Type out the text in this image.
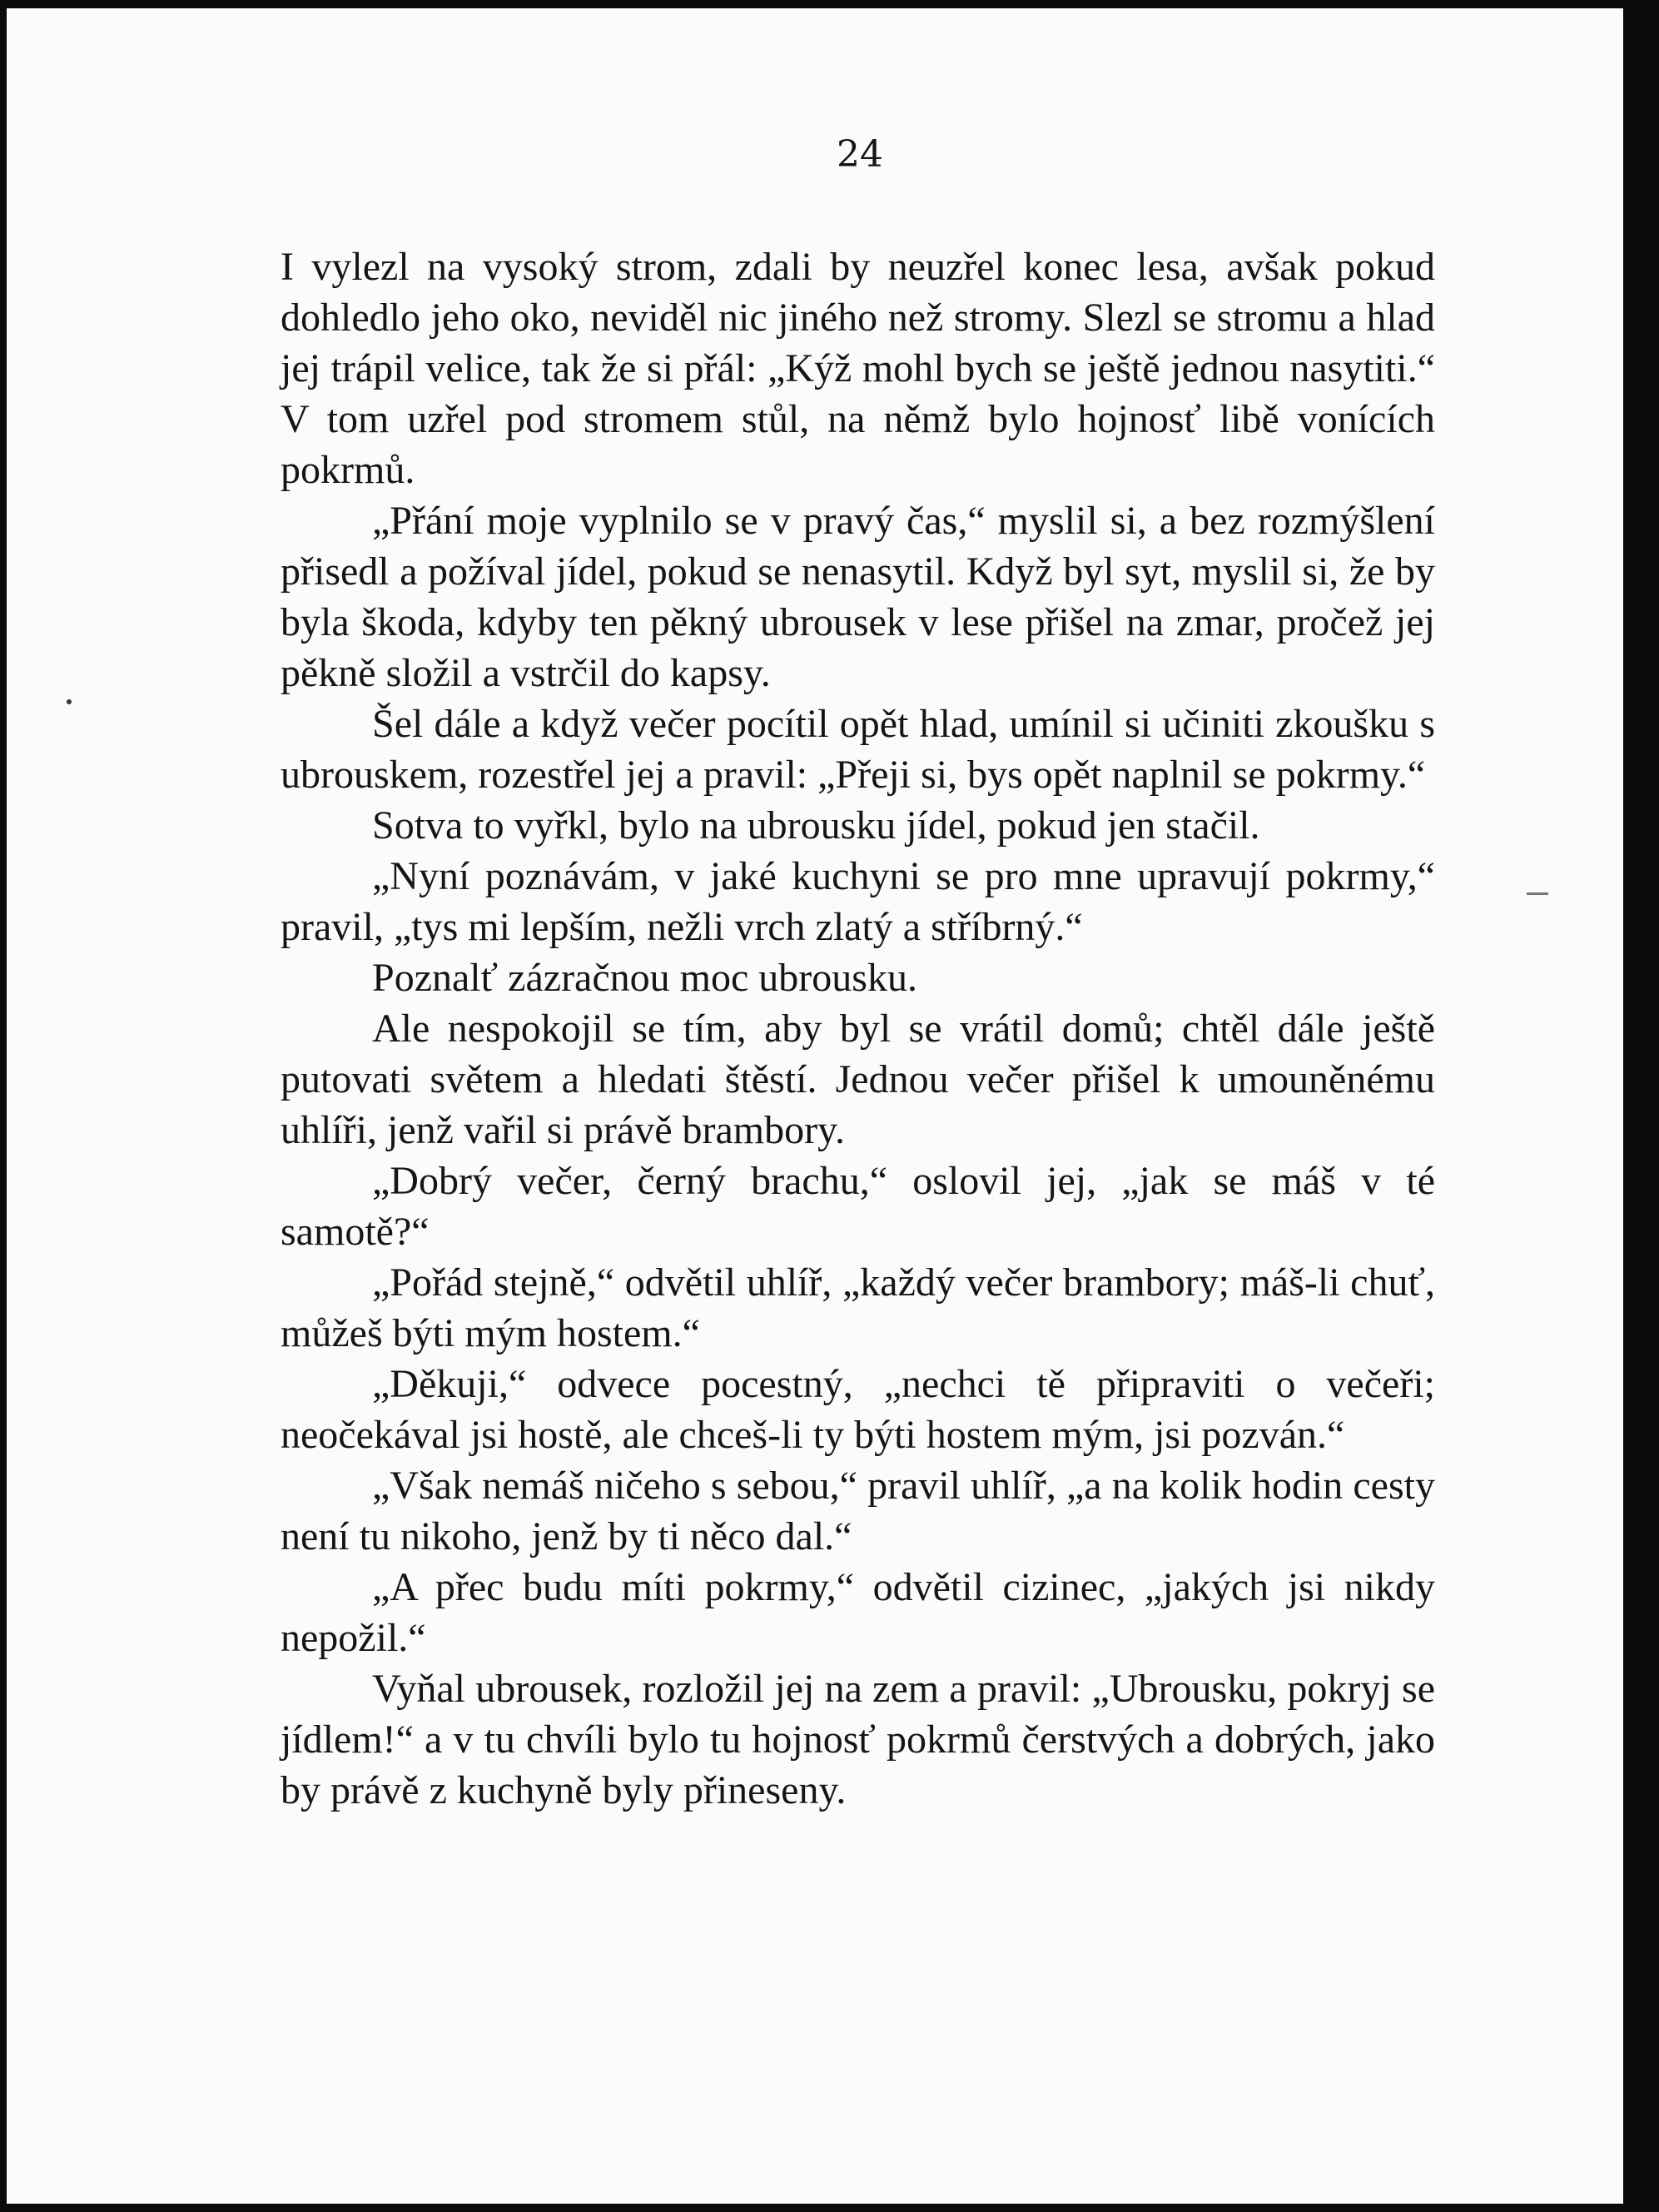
24

I vylezl na vysoký strom, zdali by neuzřel konec lesa, avšak pokud dohledlo jeho oko, neviděl nic jiného než stromy. Slezl se stromu a hlad jej trápil velice, tak že si přál: „Kýž mohl bych se ještě jednou nasytiti.“ V tom uzřel pod stromem stůl, na němž bylo hojnosť libě vonících pokrmů.

„Přání moje vyplnilo se v pravý čas,“ myslil si, a bez rozmýšlení přisedl a požíval jídel, pokud se nenasytil. Když byl syt, myslil si, že by byla škoda, kdyby ten pěkný ubrousek v lese přišel na zmar, pročež jej pěkně složil a vstrčil do kapsy.

Šel dále a když večer pocítil opět hlad, umínil si učiniti zkoušku s ubrouskem, rozestřel jej a pravil: „Přeji si, bys opět naplnil se pokrmy.“

Sotva to vyřkl, bylo na ubrousku jídel, pokud jen stačil.

„Nyní poznávám, v jaké kuchyni se pro mne upravují pokrmy,“ pravil, „tys mi lepším, nežli vrch zlatý a stříbrný.“

Poznalť zázračnou moc ubrousku.

Ale nespokojil se tím, aby byl se vrátil domů; chtěl dále ještě putovati světem a hledati štěstí. Jednou večer přišel k umouněnému uhlíři, jenž vařil si právě brambory.

„Dobrý večer, černý brachu,“ oslovil jej, „jak se máš v té samotě?“

„Pořád stejně,“ odvětil uhlíř, „každý večer brambory; máš-li chuť, můžeš býti mým hostem.“

„Děkuji,“ odvece pocestný, „nechci tě připraviti o večeři; neočekával jsi hostě, ale chceš-li ty býti hostem mým, jsi pozván.“

„Však nemáš ničeho s sebou,“ pravil uhlíř, „a na kolik hodin cesty není tu nikoho, jenž by ti něco dal.“

„A přec budu míti pokrmy,“ odvětil cizinec, „jakých jsi nikdy nepožil.“

Vyňal ubrousek, rozložil jej na zem a pravil: „Ubrousku, pokryj se jídlem!“ a v tu chvíli bylo tu hojnosť pokrmů čerstvých a dobrých, jako by právě z kuchyně byly přineseny.
